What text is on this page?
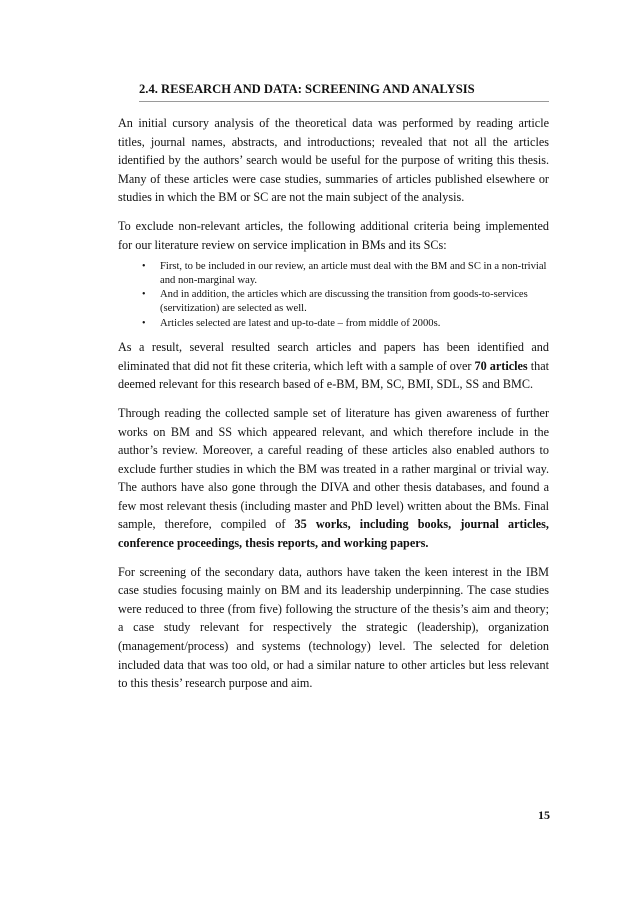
2.4. RESEARCH AND DATA: SCREENING AND ANALYSIS

An initial cursory analysis of the theoretical data was performed by reading article titles, journal names, abstracts, and introductions; revealed that not all the articles identified by the authors’ search would be useful for the purpose of writing this thesis. Many of these articles were case studies, summaries of articles published elsewhere or studies in which the BM or SC are not the main subject of the analysis.

To exclude non-relevant articles, the following additional criteria being implemented for our literature review on service implication in BMs and its SCs:

• First, to be included in our review, an article must deal with the BM and SC in a non-trivial and non-marginal way.
• And in addition, the articles which are discussing the transition from goods-to-services (servitization) are selected as well.
• Articles selected are latest and up-to-date – from middle of 2000s.

As a result, several resulted search articles and papers has been identified and eliminated that did not fit these criteria, which left with a sample of over 70 articles that deemed relevant for this research based of e-BM, BM, SC, BMI, SDL, SS and BMC.

Through reading the collected sample set of literature has given awareness of further works on BM and SS which appeared relevant, and which therefore include in the author’s review. Moreover, a careful reading of these articles also enabled authors to exclude further studies in which the BM was treated in a rather marginal or trivial way. The authors have also gone through the DIVA and other thesis databases, and found a few most relevant thesis (including master and PhD level) written about the BMs. Final sample, therefore, compiled of 35 works, including books, journal articles, conference proceedings, thesis reports, and working papers.

For screening of the secondary data, authors have taken the keen interest in the IBM case studies focusing mainly on BM and its leadership underpinning. The case studies were reduced to three (from five) following the structure of the thesis’s aim and theory; a case study relevant for respectively the strategic (leadership), organization (management/process) and systems (technology) level. The selected for deletion included data that was too old, or had a similar nature to other articles but less relevant to this thesis’ research purpose and aim.

15
